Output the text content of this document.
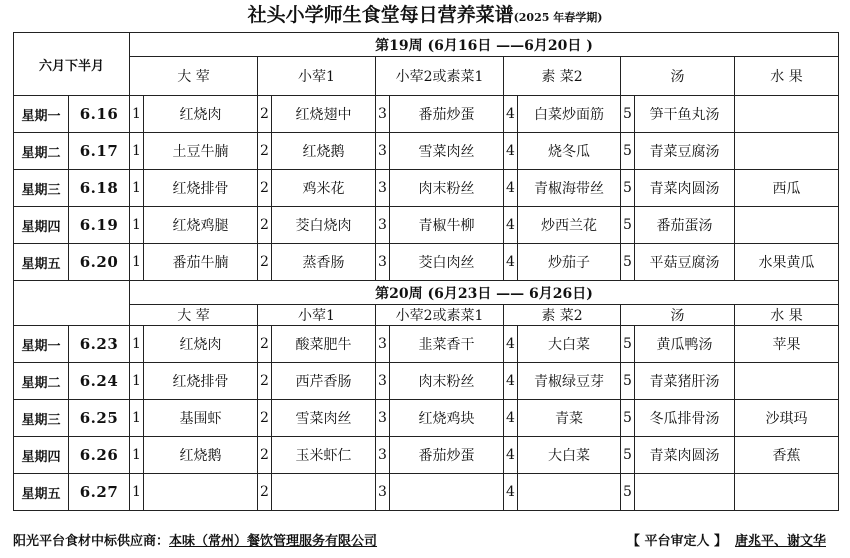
社头小学师生食堂每日营养菜谱(2025 年春学期)
六月下半月		第19周 (6月16日 ——6月20日 )										
		大 荤		小荤1		小荤2或素菜1		素 菜2		汤		水 果
星期一	6.16	1	红烧肉	2	红烧翅中	3	番茄炒蛋	4	白菜炒面筋	5	笋干鱼丸汤	
星期二	6.17	1	土豆牛腩	2	红烧鹅	3	雪菜肉丝	4	烧冬瓜	5	青菜豆腐汤	
星期三	6.18	1	红烧排骨	2	鸡米花	3	肉末粉丝	4	青椒海带丝	5	青菜肉圆汤	西瓜
星期四	6.19	1	红烧鸡腿	2	茭白烧肉	3	青椒牛柳	4	炒西兰花	5	番茄蛋汤	
星期五	6.20	1	番茄牛腩	2	蒸香肠	3	茭白肉丝	4	炒茄子	5	平菇豆腐汤	水果黄瓜
		第20周 (6月23日 —— 6月26日)										
		大 荤		小荤1		小荤2或素菜1		素 菜2		汤		水 果
星期一	6.23	1	红烧肉	2	酸菜肥牛	3	韭菜香干	4	大白菜	5	黄瓜鸭汤	苹果
星期二	6.24	1	红烧排骨	2	西芹香肠	3	肉末粉丝	4	青椒绿豆芽	5	青菜猪肝汤	
星期三	6.25	1	基围虾	2	雪菜肉丝	3	红烧鸡块	4	青菜	5	冬瓜排骨汤	沙琪玛
星期四	6.26	1	红烧鹅	2	玉米虾仁	3	番茄炒蛋	4	大白菜	5	青菜肉圆汤	香蕉
星期五	6.27	1		2		3		4		5		
阳光平台食材中标供应商：本味（常州）餐饮管理服务有限公司	【 平台审定人 】 唐兆平、谢文华
